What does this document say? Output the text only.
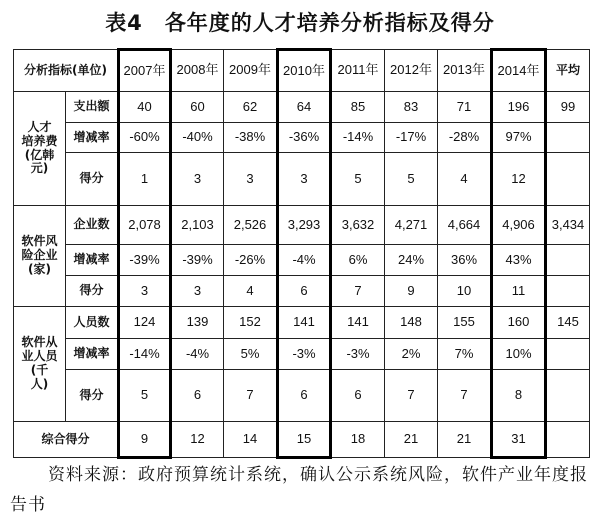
表4 各年度的人才培养分析指标及得分
分析指标(单位)		2007年	2008年	2009年	2010年	2011年	2012年	2013年	2014年	平均

人才
培养费
(亿韩
元)	支出额	40	60	62	64	85	83	71	196	99
	增减率	-60%	-40%	-38%	-36%	-14%	-17%	-28%	97%	
	得分	1	3	3	3	5	5	4	12	

软件风
险企业
(家)	企业数	2,078	2,103	2,526	3,293	3,632	4,271	4,664	4,906	3,434
	增减率	-39%	-39%	-26%	-4%	6%	24%	36%	43%	
	得分	3	3	4	6	7	9	10	11	

软件从
业人员
(千
人)	人员数	124	139	152	141	141	148	155	160	145
	增减率	-14%	-4%	5%	-3%	-3%	2%	7%	10%	
	得分	5	6	7	6	6	7	7	8	
综合得分		9	12	14	15	18	21	21	31	
资料来源：政府预算统计系统，确认公示系统风险，软件产业年度报告书
